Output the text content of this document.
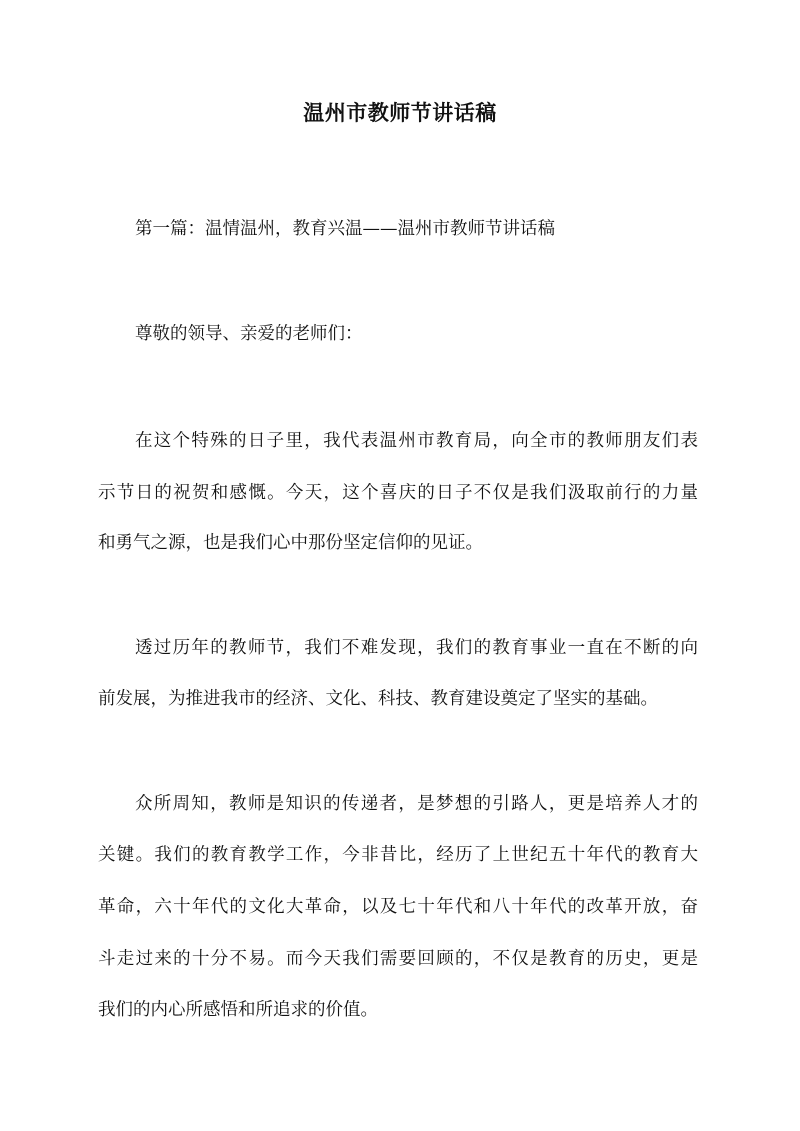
温州市教师节讲话稿
第一篇：温情温州，教育兴温——温州市教师节讲话稿
尊敬的领导、亲爱的老师们：
在这个特殊的日子里，我代表温州市教育局，向全市的教师朋友们表
示节日的祝贺和感慨。今天，这个喜庆的日子不仅是我们汲取前行的力量
和勇气之源，也是我们心中那份坚定信仰的见证。
透过历年的教师节，我们不难发现，我们的教育事业一直在不断的向
前发展，为推进我市的经济、文化、科技、教育建设奠定了坚实的基础。
众所周知，教师是知识的传递者，是梦想的引路人，更是培养人才的
关键。我们的教育教学工作，今非昔比，经历了上世纪五十年代的教育大
革命，六十年代的文化大革命，以及七十年代和八十年代的改革开放，奋
斗走过来的十分不易。而今天我们需要回顾的，不仅是教育的历史，更是
我们的内心所感悟和所追求的价值。
